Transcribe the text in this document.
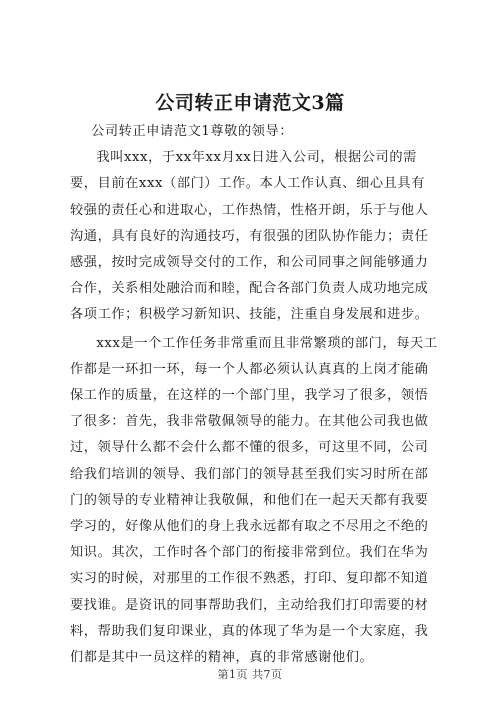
公司转正申请范文3篇

公司转正申请范文1尊敬的领导：

我叫xxx，于xx年xx月xx日进入公司，根据公司的需要，目前在xxx（部门）工作。本人工作认真、细心且具有较强的责任心和进取心，工作热情，性格开朗，乐于与他人沟通，具有良好的沟通技巧，有很强的团队协作能力；责任感强，按时完成领导交付的工作，和公司同事之间能够通力合作，关系相处融洽而和睦，配合各部门负责人成功地完成各项工作；积极学习新知识、技能，注重自身发展和进步。

xxx是一个工作任务非常重而且非常繁琐的部门，每天工作都是一环扣一环，每一个人都必须认认真真的上岗才能确保工作的质量，在这样的一个部门里，我学习了很多，领悟了很多：首先，我非常敬佩领导的能力。在其他公司我也做过，领导什么都不会什么都不懂的很多，可这里不同，公司给我们培训的领导、我们部门的领导甚至我们实习时所在部门的领导的专业精神让我敬佩，和他们在一起天天都有我要学习的，好像从他们的身上我永远都有取之不尽用之不绝的知识。其次，工作时各个部门的衔接非常到位。我们在华为实习的时候，对那里的工作很不熟悉，打印、复印都不知道要找谁。是资讯的同事帮助我们，主动给我们打印需要的材料，帮助我们复印课业，真的体现了华为是一个大家庭，我们都是其中一员这样的精神，真的非常感谢他们。

第1页 共7页
